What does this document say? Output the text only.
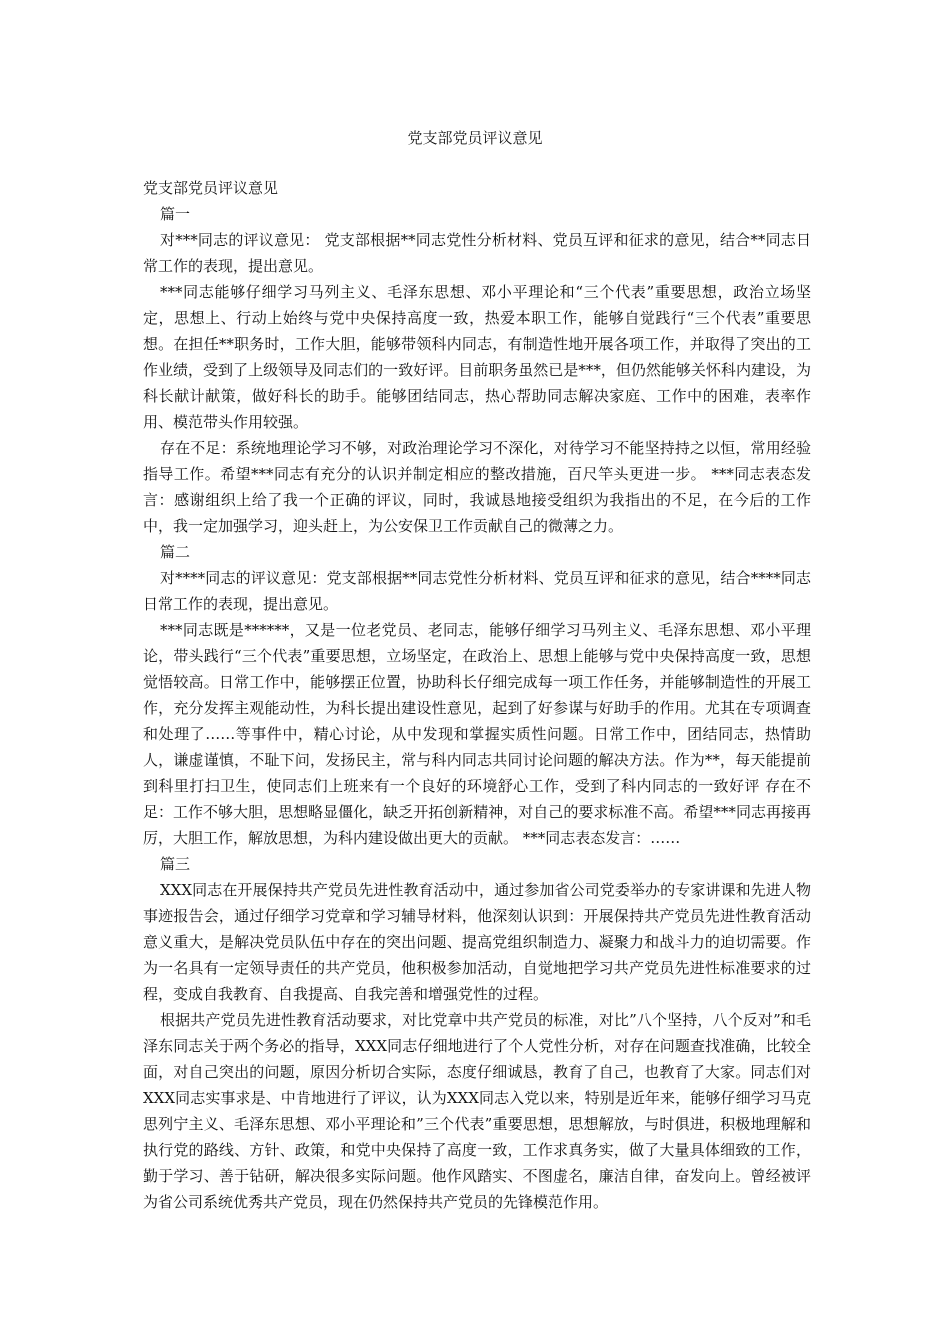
党支部党员评议意见

党支部党员评议意见

篇一

对***同志的评议意见： 党支部根据**同志党性分析材料、党员互评和征求的意见，结合**同志日常工作的表现，提出意见。

***同志能够仔细学习马列主义、毛泽东思想、邓小平理论和“三个代表”重要思想，政治立场坚定，思想上、行动上始终与党中央保持高度一致，热爱本职工作，能够自觉践行“三个代表”重要思想。在担任**职务时，工作大胆，能够带领科内同志，有制造性地开展各项工作，并取得了突出的工作业绩，受到了上级领导及同志们的一致好评。目前职务虽然已是***，但仍然能够关怀科内建设，为科长献计献策，做好科长的助手。能够团结同志，热心帮助同志解决家庭、工作中的困难，表率作用、模范带头作用较强。

存在不足：系统地理论学习不够，对政治理论学习不深化，对待学习不能坚持持之以恒，常用经验指导工作。希望***同志有充分的认识并制定相应的整改措施，百尺竿头更进一步。 ***同志表态发言：感谢组织上给了我一个正确的评议，同时，我诚恳地接受组织为我指出的不足，在今后的工作中，我一定加强学习，迎头赶上，为公安保卫工作贡献自己的微薄之力。

篇二

对****同志的评议意见：党支部根据**同志党性分析材料、党员互评和征求的意见，结合****同志日常工作的表现，提出意见。

***同志既是******，又是一位老党员、老同志，能够仔细学习马列主义、毛泽东思想、邓小平理论，带头践行“三个代表”重要思想，立场坚定，在政治上、思想上能够与党中央保持高度一致，思想觉悟较高。日常工作中，能够摆正位置，协助科长仔细完成每一项工作任务，并能够制造性的开展工作，充分发挥主观能动性，为科长提出建设性意见，起到了好参谋与好助手的作用。尤其在专项调查和处理了……等事件中，精心讨论，从中发现和掌握实质性问题。日常工作中，团结同志，热情助人，谦虚谨慎，不耻下问，发扬民主，常与科内同志共同讨论问题的解决方法。作为**，每天能提前到科里打扫卫生，使同志们上班来有一个良好的环境舒心工作，受到了科内同志的一致好评 存在不足：工作不够大胆，思想略显僵化，缺乏开拓创新精神，对自己的要求标准不高。希望***同志再接再厉，大胆工作，解放思想，为科内建设做出更大的贡献。 ***同志表态发言：……

篇三

XXX同志在开展保持共产党员先进性教育活动中，通过参加省公司党委举办的专家讲课和先进人物事迹报告会，通过仔细学习党章和学习辅导材料，他深刻认识到：开展保持共产党员先进性教育活动意义重大，是解决党员队伍中存在的突出问题、提高党组织制造力、凝聚力和战斗力的迫切需要。作为一名具有一定领导责任的共产党员，他积极参加活动，自觉地把学习共产党员先进性标准要求的过程，变成自我教育、自我提高、自我完善和增强党性的过程。

根据共产党员先进性教育活动要求，对比党章中共产党员的标准，对比”八个坚持，八个反对”和毛泽东同志关于两个务必的指导，XXX同志仔细地进行了个人党性分析，对存在问题查找准确，比较全面，对自己突出的问题，原因分析切合实际，态度仔细诚恳，教育了自己，也教育了大家。同志们对XXX同志实事求是、中肯地进行了评议，认为XXX同志入党以来，特别是近年来，能够仔细学习马克思列宁主义、毛泽东思想、邓小平理论和”三个代表”重要思想，思想解放，与时俱进，积极地理解和执行党的路线、方针、政策，和党中央保持了高度一致，工作求真务实，做了大量具体细致的工作，勤于学习、善于钻研，解决很多实际问题。他作风踏实、不图虚名，廉洁自律，奋发向上。曾经被评为省公司系统优秀共产党员，现在仍然保持共产党员的先锋模范作用。
